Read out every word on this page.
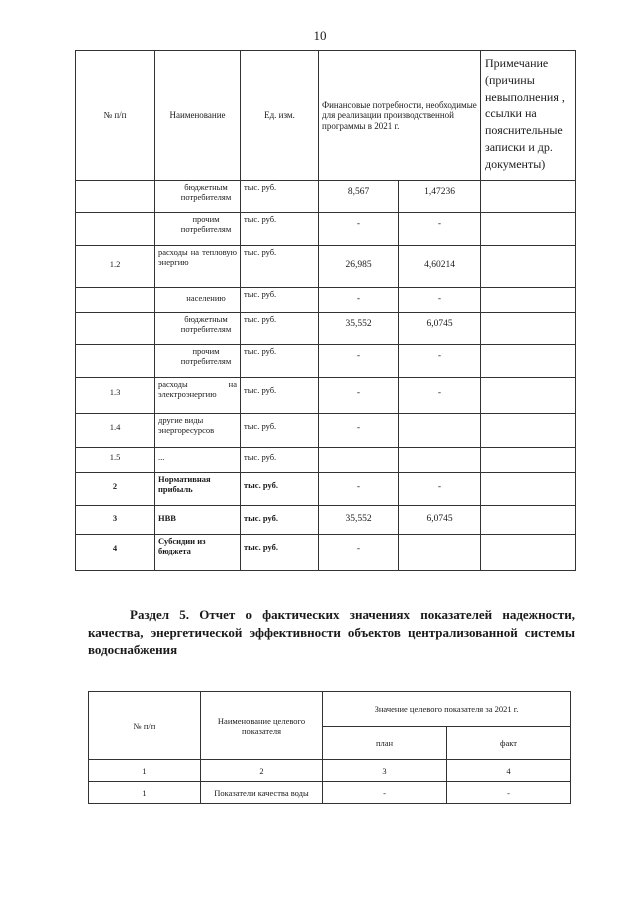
10
№ п/п	Наименование	Ед. изм.	Финансовые потребности, необходимые для реализации производственной программы в 2021 г.		Примечание (причины невыполнения , ссылки на пояснительные записки и др. документы)
	бюджетным потребителям	тыс. руб.	8,567	1,47236	
	прочим потребителям	тыс. руб.	-	-	
1.2	расходы на тепловую энергию	тыс. руб.	26,985	4,60214	
	населению	тыс. руб.	-	-	
	бюджетным потребителям	тыс. руб.	35,552	6,0745	
	прочим потребителям	тыс. руб.	-	-	
1.3	расходы на электроэнергию	тыс. руб.	-	-	
1.4	другие виды энергоресурсов	тыс. руб.	-		
1.5	...	тыс. руб.			
2	Нормативная прибыль	тыс. руб.	-	-	
3	НВВ	тыс. руб.	35,552	6,0745	
4	Субсидии из бюджета	тыс. руб.	-		
Раздел 5. Отчет о фактических значениях показателей надежности, качества, энергетической эффективности объектов централизованной системы водоснабжения
№ п/п	Наименование целевого показателя	Значение целевого показателя за 2021 г.	
		план	факт
1	2	3	4
1	Показатели качества воды	-	-
